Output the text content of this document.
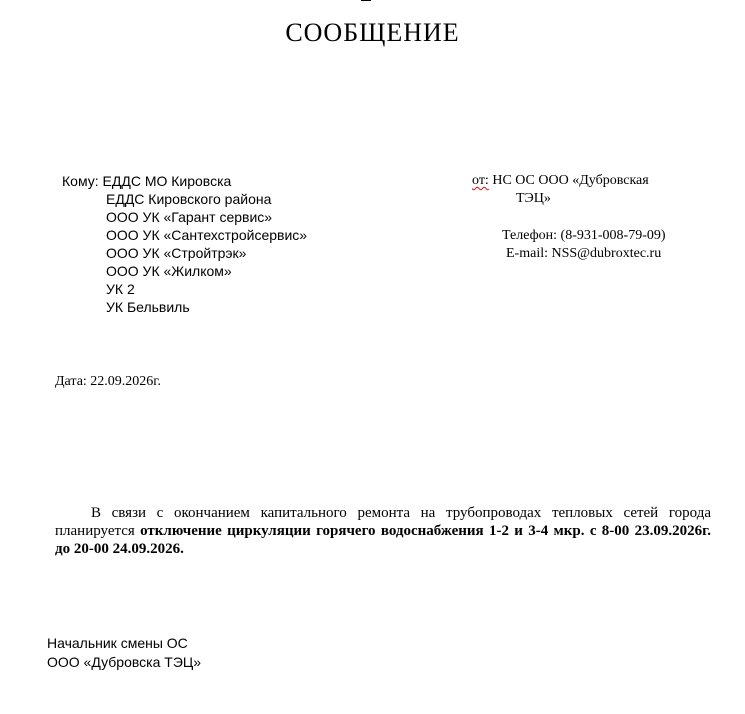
СООБЩЕНИЕ
Кому: ЕДДС МО Кировска
ЕДДС Кировского района
ООО УК «Гарант сервис»
ООО УК «Сантехстройсервис»
ООО УК «Стройтрэк»
ООО УК «Жилком»
УК 2
УК Бельвиль
от: НС ОС ООО «Дубровская
ТЭЦ»
Телефон: (8-931-008-79-09)
E-mail: NSS@dubroxtec.ru
Дата: 22.09.2026г.
В связи с окончанием капитального ремонта на трубопроводах тепловых сетей города планируется отключение циркуляции горячего водоснабжения 1-2 и 3-4 мкр. с 8-00 23.09.2026г. до 20-00 24.09.2026.
Начальник смены ОС
ООО «Дубровска ТЭЦ»
